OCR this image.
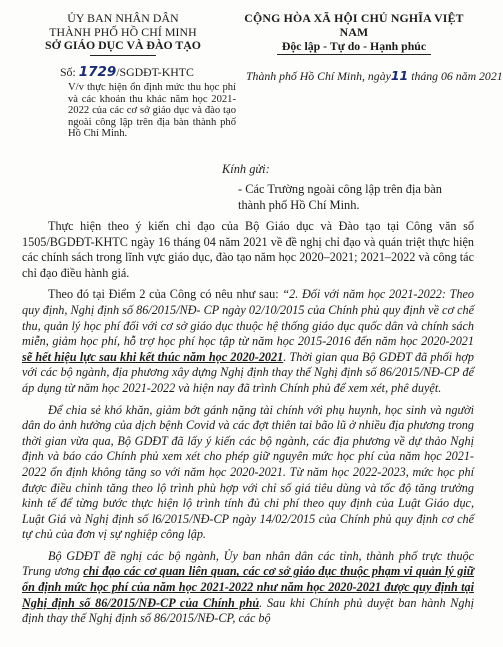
ỦY BAN NHÂN DÂN
THÀNH PHỐ HỒ CHÍ MINH
SỞ GIÁO DỤC VÀ ĐÀO TẠO
CỘNG HÒA XÃ HỘI CHỦ NGHĨA VIỆT NAM
Độc lập - Tự do - Hạnh phúc
Số: 1729/SGDĐT-KHTC
V/v thực hiện ổn định mức thu học phí và các khoản thu khác năm học 2021-2022 của các cơ sở giáo dục và đào tạo ngoài công lập trên địa bàn thành phố Hồ Chí Minh.
Thành phố Hồ Chí Minh, ngày11 tháng 06 năm 2021
Kính gửi:
- Các Trường ngoài công lập trên địa bàn thành phố Hồ Chí Minh.

Thực hiện theo ý kiến chỉ đạo của Bộ Giáo dục và Đào tạo tại Công văn số 1505/BGDĐT-KHTC ngày 16 tháng 04 năm 2021 về đề nghị chỉ đạo và quán triệt thực hiện các chính sách trong lĩnh vực giáo dục, đào tạo năm học 2020–2021; 2021–2022 và công tác chỉ đạo điều hành giá.

Theo đó tại Điểm 2 của Công có nêu như sau: “2. Đối với năm học 2021-2022: Theo quy định, Nghị định số 86/2015/NĐ- CP ngày 02/10/2015 của Chính phủ quy định về cơ chế thu, quản lý học phí đối với cơ sở giáo dục thuộc hệ thống giáo dục quốc dân và chính sách miễn, giảm học phí, hỗ trợ học phí học tập từ năm học 2015-2016 đến năm học 2020-2021 sẽ hết hiệu lực sau khi kết thúc năm học 2020-2021. Thời gian qua Bộ GDĐT đã phối hợp với các bộ ngành, địa phương xây dựng Nghị định thay thế Nghị định số 86/2015/NĐ-CP để áp dụng từ năm học 2021-2022 và hiện nay đã trình Chính phủ để xem xét, phê duyệt.

Để chia sẻ khó khăn, giảm bớt gánh nặng tài chính với phụ huynh, học sinh và người dân do ảnh hưởng của dịch bệnh Covid và các đợt thiên tai bão lũ ở nhiều địa phương trong thời gian vừa qua, Bộ GDĐT đã lấy ý kiến các bộ ngành, các địa phương về dự thảo Nghị định và báo cáo Chính phủ xem xét cho phép giữ nguyên mức học phí của năm học 2021-2022 ổn định không tăng so với năm học 2020-2021. Từ năm học 2022-2023, mức học phí được điều chỉnh tăng theo lộ trình phù hợp với chỉ số giá tiêu dùng và tốc độ tăng trưởng kinh tế để từng bước thực hiện lộ trình tính đủ chi phí theo quy định của Luật Giáo dục, Luật Giá và Nghị định số l6/2015/NĐ-CP ngày 14/02/2015 của Chính phủ quy định cơ chế tự chủ của đơn vị sự nghiệp công lập.

Bộ GDĐT đề nghị các bộ ngành, Ủy ban nhân dân các tỉnh, thành phố trực thuộc Trung ương chỉ đạo các cơ quan liên quan, các cơ sở giáo dục thuộc phạm vi quản lý giữ ổn định mức học phí của năm học 2021-2022 như năm học 2020-2021 được quy định tại Nghị định số 86/2015/NĐ-CP của Chính phủ. Sau khi Chính phủ duyệt ban hành Nghị định thay thế Nghị định số 86/2015/NĐ-CP, các bộ
